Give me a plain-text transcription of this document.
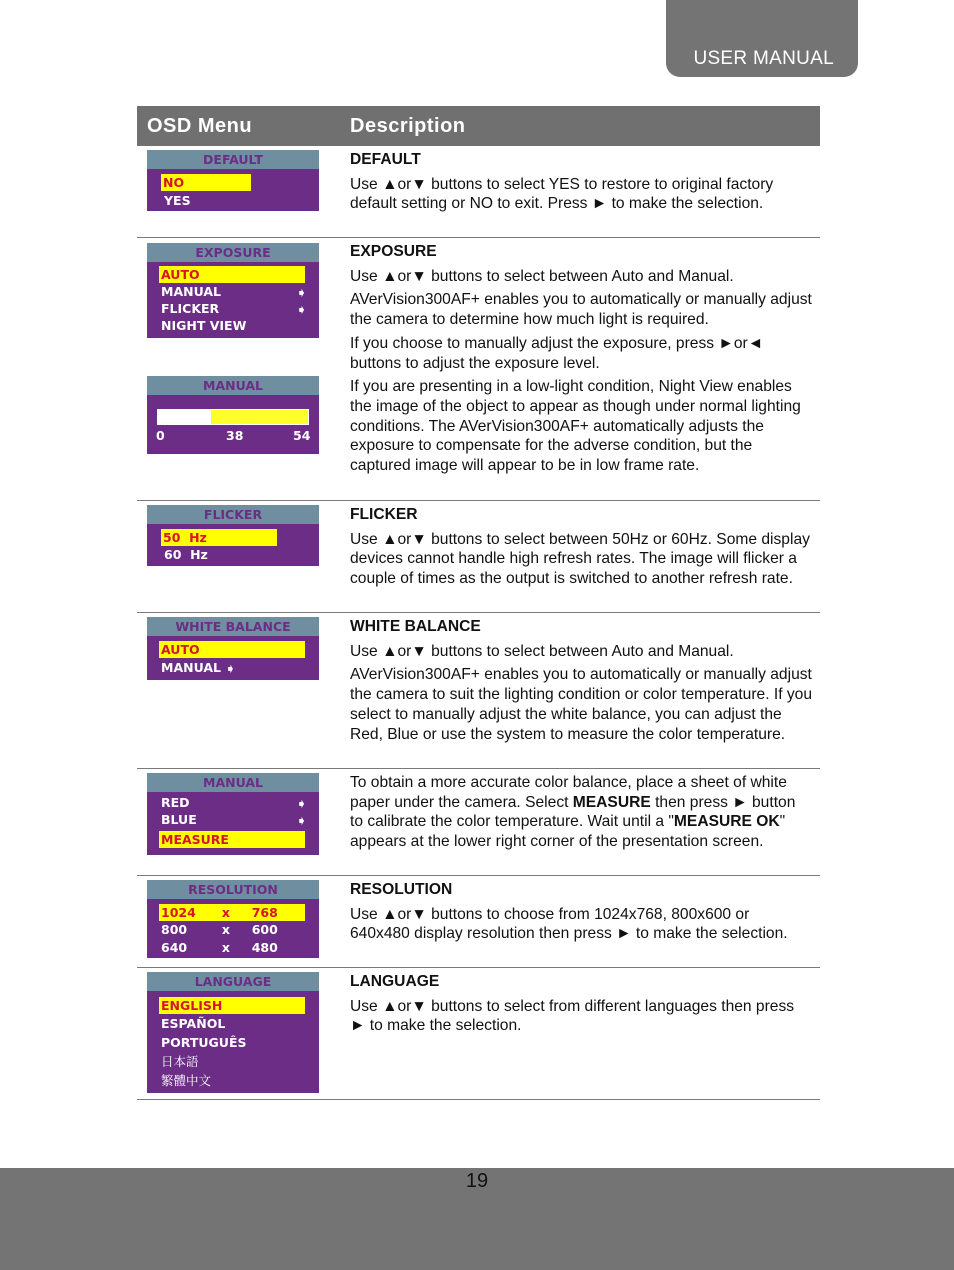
USER MANUAL
OSD Menu	Description
DEFAULT
NO
YES
DEFAULT

Use ▲or▼ buttons to select YES to restore to original factory default setting or NO to exit. Press ► to make the selection.

EXPOSURE
AUTO
MANUAL	➧
FLICKER	➧
NIGHT VIEW
MANUAL
0	38	54
EXPOSURE

Use ▲or▼ buttons to select between Auto and Manual.

AVerVision300AF+ enables you to automatically or manually adjust the camera to determine how much light is required.

If you choose to manually adjust the exposure, press ►or◄ buttons to adjust the exposure level.

If you are presenting in a low-light condition, Night View enables the image of the object to appear as though under normal lighting conditions. The AVerVision300AF+ automatically adjusts the exposure to compensate for the adverse condition, but the captured image will appear to be in low frame rate.

FLICKER
50  Hz
60  Hz
FLICKER

Use ▲or▼ buttons to select between 50Hz or 60Hz. Some display devices cannot handle high refresh rates. The image will flicker a couple of times as the output is switched to another refresh rate.

WHITE BALANCE
AUTO
MANUAL ➧
WHITE BALANCE

Use ▲or▼ buttons to select between Auto and Manual.

AVerVision300AF+ enables you to automatically or manually adjust the camera to suit the lighting condition or color temperature. If you select to manually adjust the white balance, you can adjust the Red, Blue or use the system to measure the color temperature.

MANUAL
RED	➧
BLUE	➧
MEASURE

To obtain a more accurate color balance, place a sheet of white paper under the camera. Select MEASURE then press ► button to calibrate the color temperature. Wait until a "MEASURE OK" appears at the lower right corner of the presentation screen.

RESOLUTION
1024      x     768
800        x     600
640        x     480
RESOLUTION

Use ▲or▼ buttons to choose from 1024x768, 800x600 or 640x480 display resolution then press ► to make the selection.

LANGUAGE
ENGLISH
ESPAÑOL
PORTUGUÊS
日本語
繁體中文
LANGUAGE

Use ▲or▼ buttons to select from different languages then press ► to make the selection.

19
